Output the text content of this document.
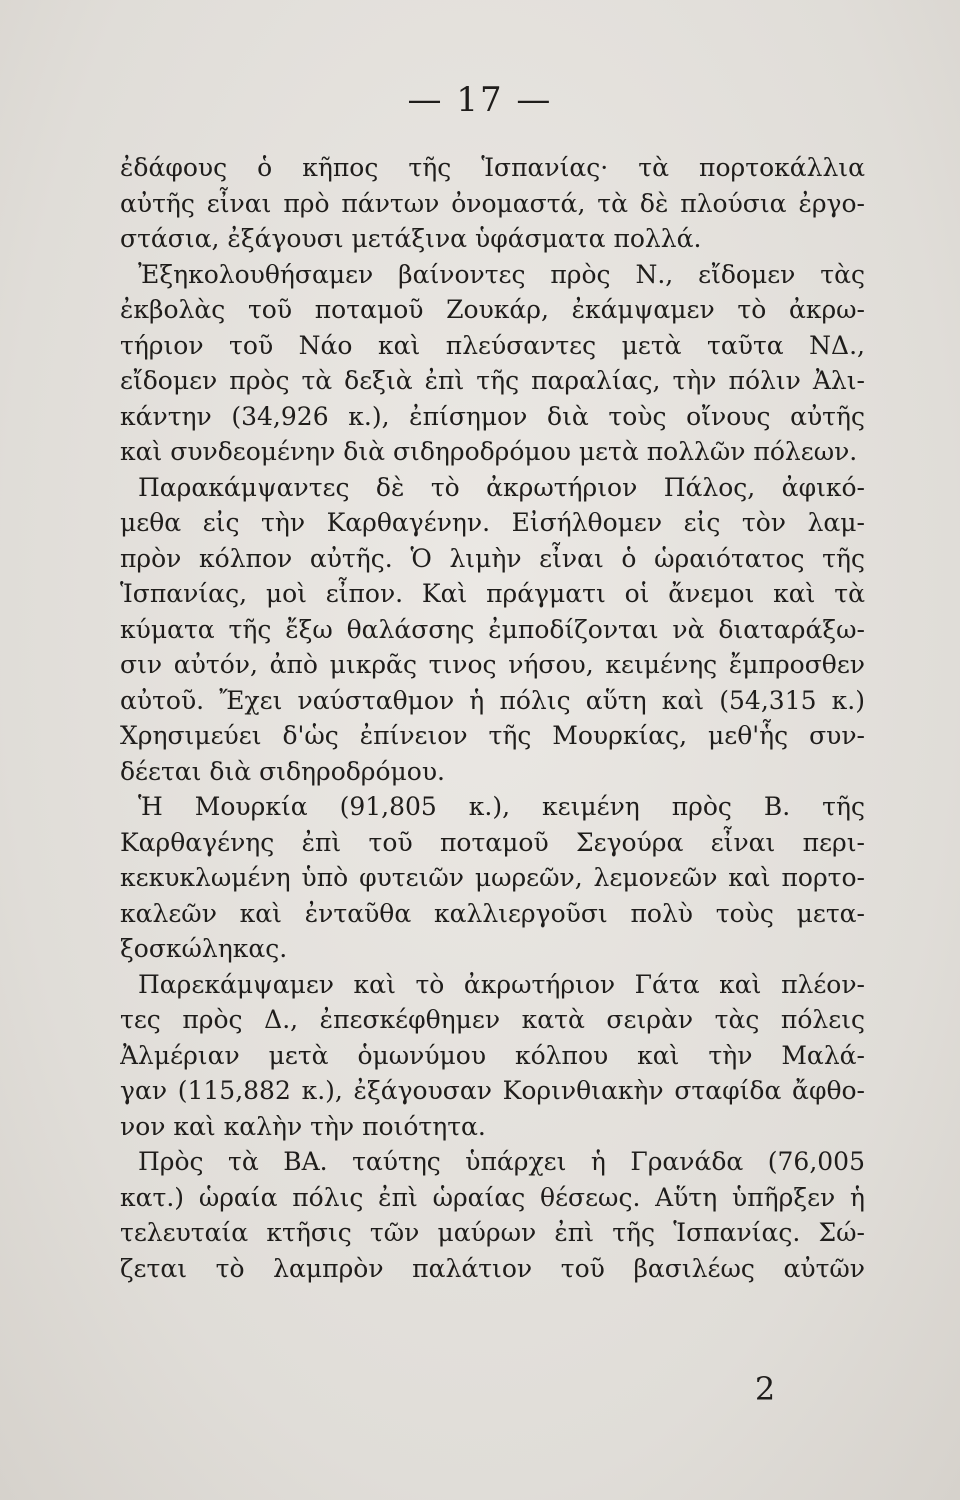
— 17 —
ἐδάφους ὁ κῆπος τῆς Ἱσπανίας· τὰ πορτοκάλλια
αὐτῆς εἶναι πρὸ πάντων ὀνομαστά, τὰ δὲ πλούσια ἐργο-
στάσια, ἐξάγουσι μετάξινα ὑφάσματα πολλά.
Ἐξηκολουθήσαμεν βαίνοντες πρὸς Ν., εἴδομεν τὰς
ἐκβολὰς τοῦ ποταμοῦ Ζουκάρ, ἐκάμψαμεν τὸ ἀκρω-
τήριον τοῦ Νάο καὶ πλεύσαντες μετὰ ταῦτα ΝΔ.,
εἴδομεν πρὸς τὰ δεξιὰ ἐπὶ τῆς παραλίας, τὴν πόλιν Ἀλι-
κάντην (34,926 κ.), ἐπίσημον διὰ τοὺς οἴνους αὐτῆς
καὶ συνδεομένην διὰ σιδηροδρόμου μετὰ πολλῶν πόλεων.
Παρακάμψαντες δὲ τὸ ἀκρωτήριον Πάλος, ἀφικό-
μεθα εἰς τὴν Καρθαγένην. Εἰσήλθομεν εἰς τὸν λαμ-
πρὸν κόλπον αὐτῆς. Ὁ λιμὴν εἶναι ὁ ὡραιότατος τῆς
Ἱσπανίας, μοὶ εἶπον. Καὶ πράγματι οἱ ἄνεμοι καὶ τὰ
κύματα τῆς ἔξω θαλάσσης ἐμποδίζονται νὰ διαταράξω-
σιν αὐτόν, ἀπὸ μικρᾶς τινος νήσου, κειμένης ἔμπροσθεν
αὐτοῦ. Ἔχει ναύσταθμον ἡ πόλις αὕτη καὶ (54,315 κ.)
Χρησιμεύει δ'ὡς ἐπίνειον τῆς Μουρκίας, μεθ'ἧς συν-
δέεται διὰ σιδηροδρόμου.
Ἡ Μουρκία (91,805 κ.), κειμένη πρὸς Β. τῆς
Καρθαγένης ἐπὶ τοῦ ποταμοῦ Σεγούρα εἶναι περι-
κεκυκλωμένη ὑπὸ φυτειῶν μωρεῶν, λεμονεῶν καὶ πορτο-
καλεῶν καὶ ἐνταῦθα καλλιεργοῦσι πολὺ τοὺς μετα-
ξοσκώληκας.
Παρεκάμψαμεν καὶ τὸ ἀκρωτήριον Γάτα καὶ πλέον-
τες πρὸς Δ., ἐπεσκέφθημεν κατὰ σειρὰν τὰς πόλεις
Ἀλμέριαν μετὰ ὁμωνύμου κόλπου καὶ τὴν Μαλά-
γαν (115,882 κ.), ἐξάγουσαν Κορινθιακὴν σταφίδα ἄφθο-
νον καὶ καλὴν τὴν ποιότητα.
Πρὸς τὰ ΒΑ. ταύτης ὑπάρχει ἡ Γρανάδα (76,005
κατ.) ὡραία πόλις ἐπὶ ὡραίας θέσεως. Αὕτη ὑπῆρξεν ἡ
τελευταία κτῆσις τῶν μαύρων ἐπὶ τῆς Ἱσπανίας. Σώ-
ζεται τὸ λαμπρὸν παλάτιον τοῦ βασιλέως αὐτῶν
2
